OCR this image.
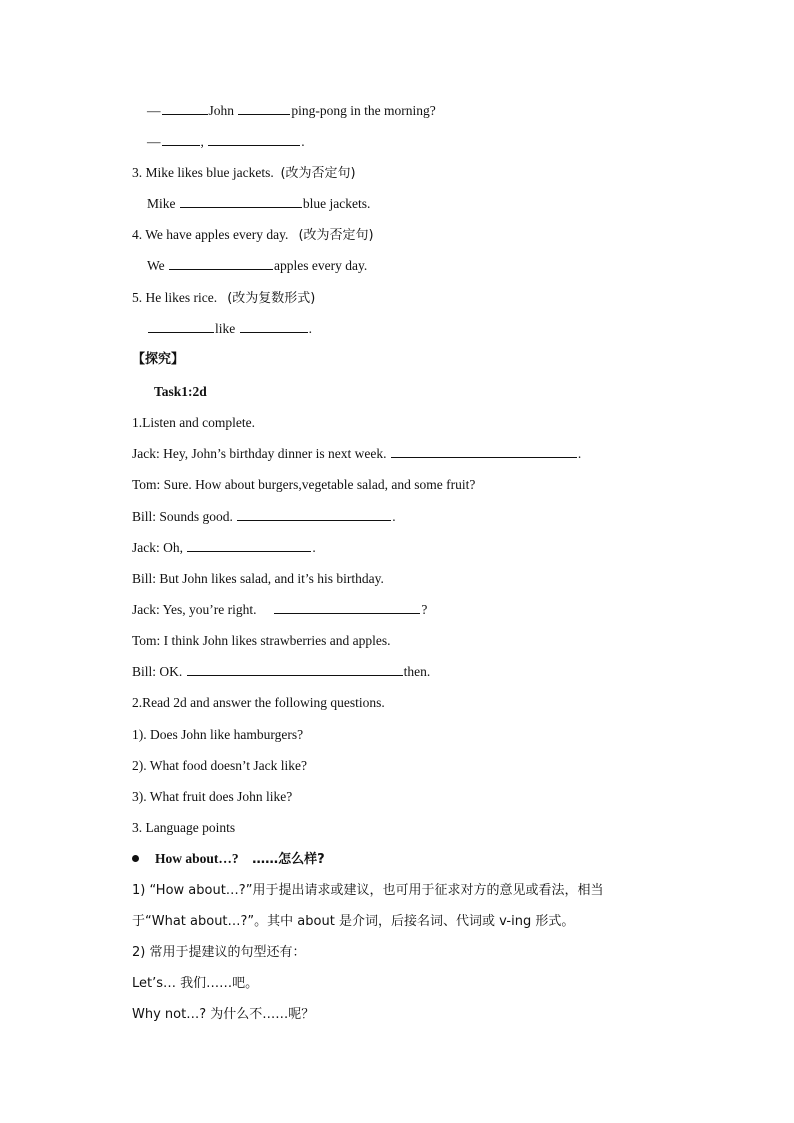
—	John	ping-pong in the morning?
—	,	.
3. Mike likes blue jackets. (改为否定句)
Mike	blue jackets.
4. We have apples every day. (改为否定句)
We	apples every day.
5. He likes rice. (改为复数形式)
like	.
【探究】
Task1:2d
1.Listen and complete.
Jack: Hey, John’s birthday dinner is next week.	.
Tom: Sure. How about burgers,vegetable salad, and some fruit?
Bill: Sounds good.	.
Jack: Oh,	.
Bill: But John likes salad, and it’s his birthday.
Jack: Yes, you’re right.	?
Tom: I think John likes strawberries and apples.
Bill: OK.	then.
2.Read 2d and answer the following questions.
1). Does John like hamburgers?
2). What food doesn’t Jack like?
3). What fruit does John like?
3. Language points
How about…? ……怎么样?
1) “How about…?”用于提出请求或建议，也可用于征求对方的意见或看法，相当
于“What about…?”。其中 about 是介词，后接名词、代词或 v-ing 形式。
2) 常用于提建议的句型还有：
Let’s… 我们……吧。
Why not…? 为什么不……呢？
